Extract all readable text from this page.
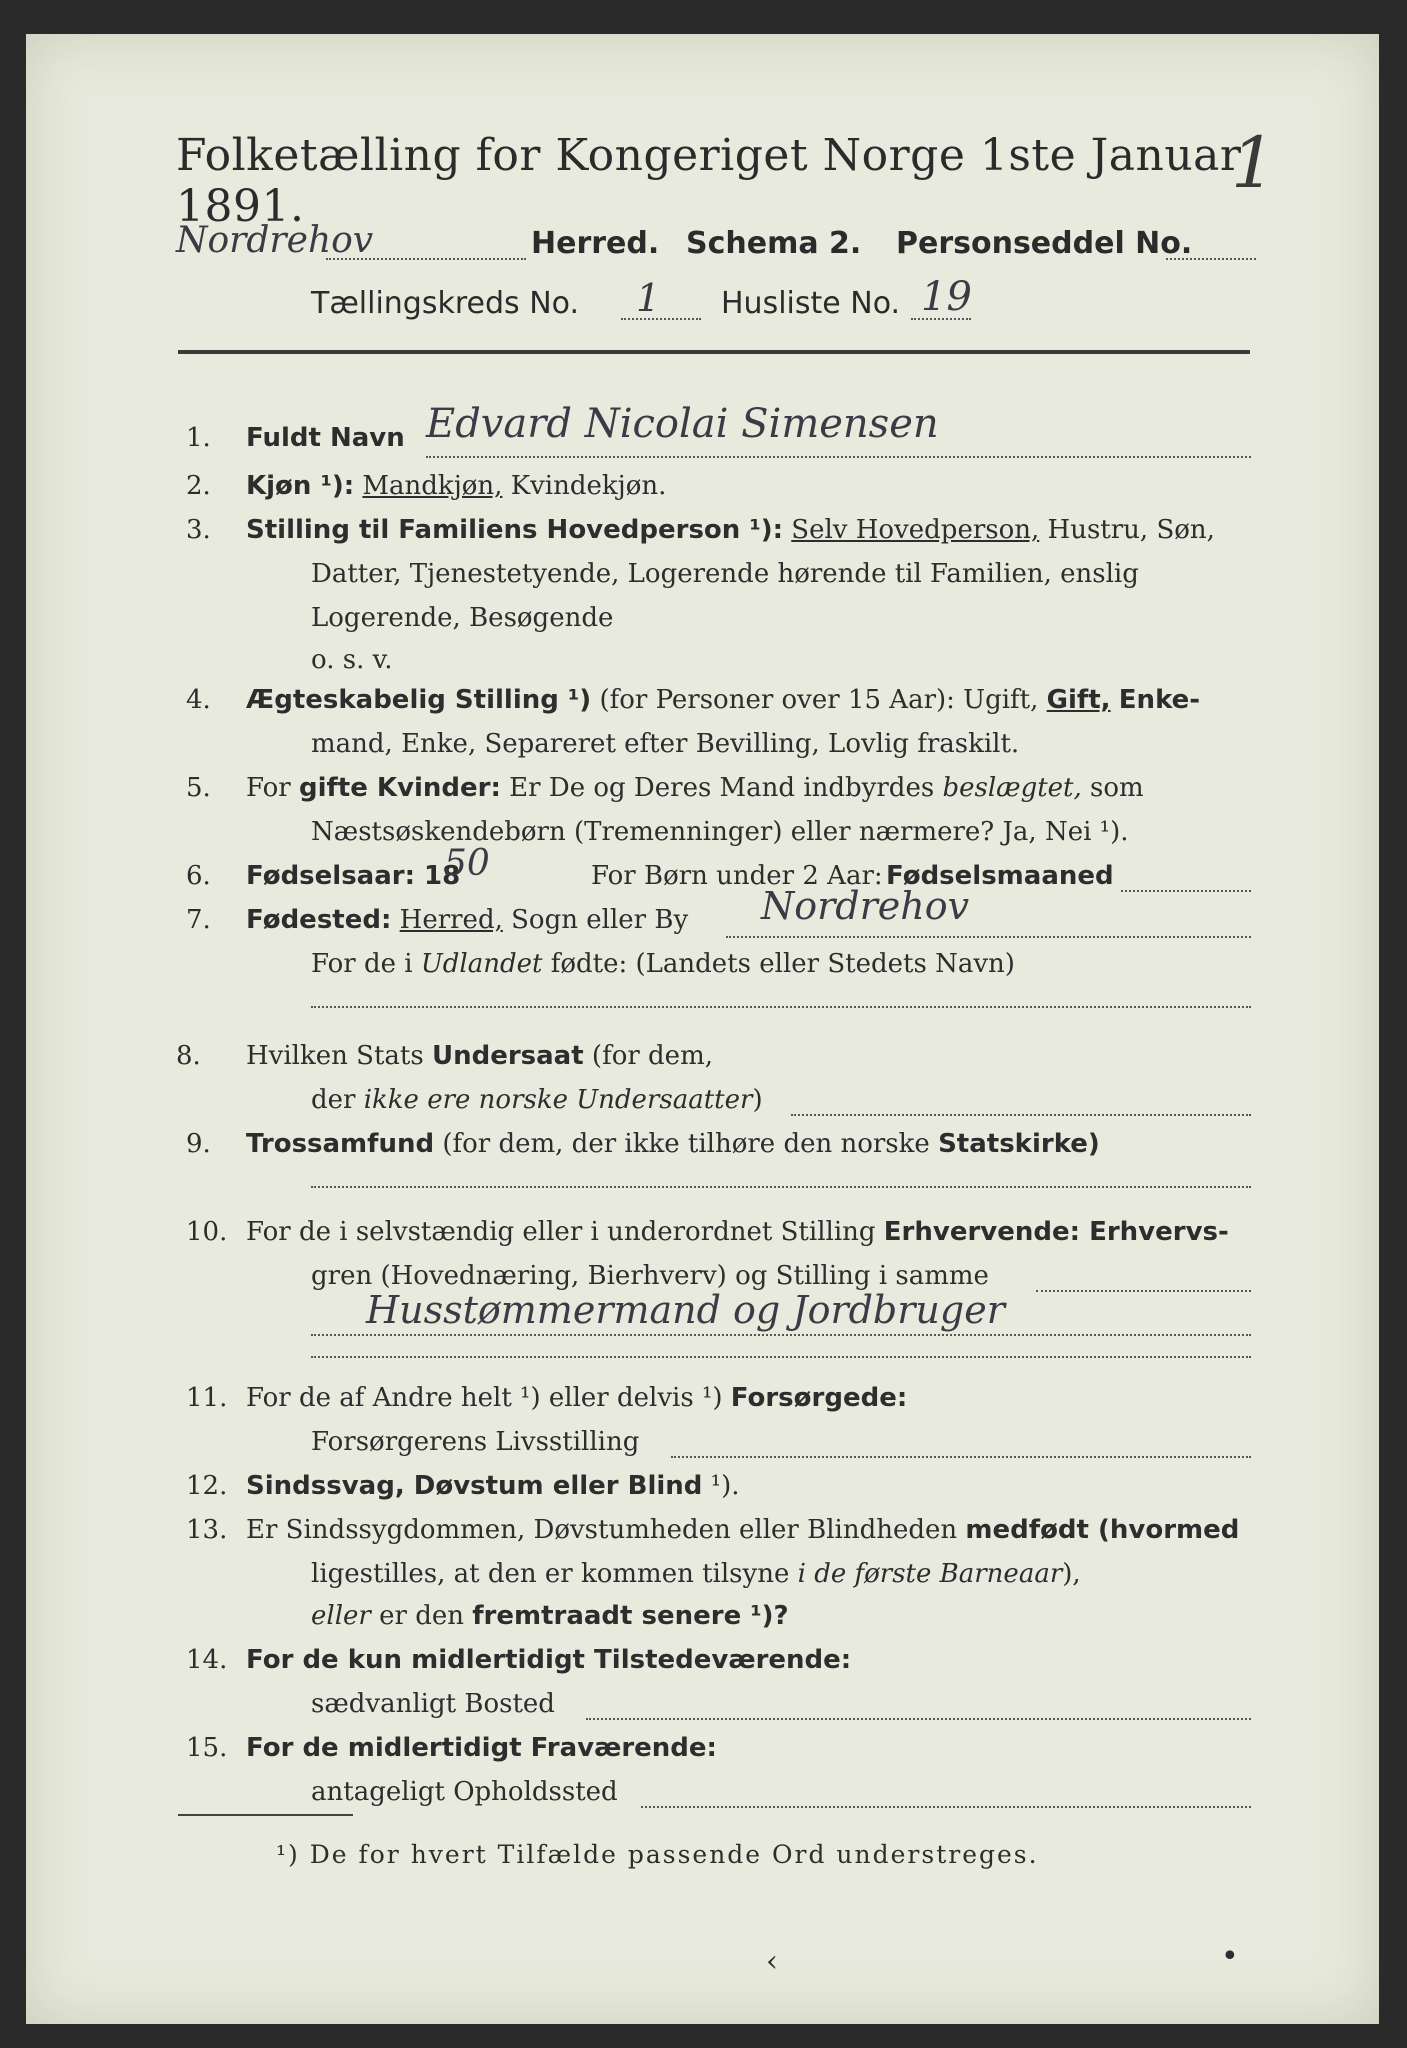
Folketælling for Kongeriget Norge 1ste Januar 1891.
1
Nordrehov	Herred. Schema 2. Personseddel No.
Tællingskreds No. 1 Husliste No. 19
1.	Fuldt Navn Edvard Nicolai Simensen
2.	Kjøn ¹): Mandkjøn, Kvindekjøn.
3.	Stilling til Familiens Hovedperson ¹): Selv Hovedperson, Hustru, Søn,
Datter, Tjenestetyende, Logerende hørende til Familien, enslig
Logerende, Besøgende
o. s. v.
4.	Ægteskabelig Stilling ¹) (for Personer over 15 Aar): Ugift, Gift, Enke-
mand, Enke, Separeret efter Bevilling, Lovlig fraskilt.
5.	For gifte Kvinder: Er De og Deres Mand indbyrdes beslægtet, som
Næstsøskendebørn (Tremenninger) eller nærmere? Ja, Nei ¹).
6.	Fødselsaar: 18
50	For Børn under 2 Aar: Fødselsmaaned
7.	Fødested: Herred, Sogn eller By	Nordrehov
For de i Udlandet fødte: (Landets eller Stedets Navn)
8.	Hvilken Stats Undersaat (for dem,
der ikke ere norske Undersaatter)
9.	Trossamfund (for dem, der ikke tilhøre den norske Statskirke)
10. For de i selvstændig eller i underordnet Stilling Erhvervende: Erhvervs-
gren (Hovednæring, Bierhverv) og Stilling i samme
Husstømmermand og Jordbruger
11. For de af Andre helt ¹) eller delvis ¹) Forsørgede:
Forsørgerens Livsstilling
12. Sindssvag, Døvstum eller Blind ¹).
13. Er Sindssygdommen, Døvstumheden eller Blindheden medfødt (hvormed
ligestilles, at den er kommen tilsyne i de første Barneaar),
eller er den fremtraadt senere ¹)?
14. For de kun midlertidigt Tilstedeværende:
sædvanligt Bosted
15. For de midlertidigt Fraværende:
antageligt Opholdssted
¹) De for hvert Tilfælde passende Ord understreges.
‹	•
